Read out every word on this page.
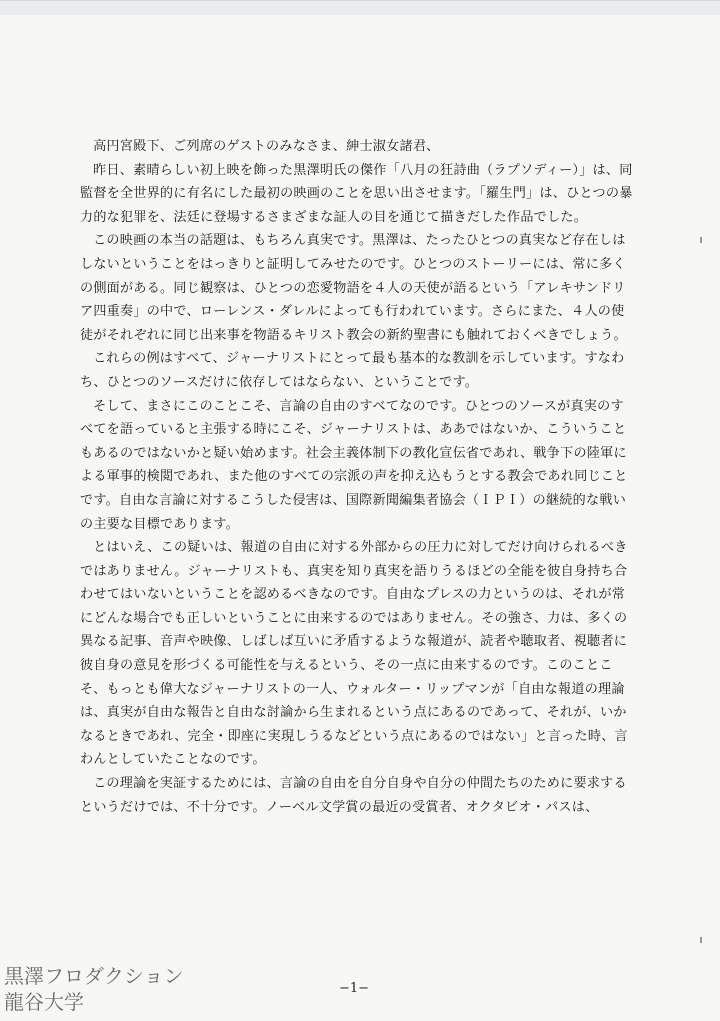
高円宮殿下、ご列席のゲストのみなさま、紳士淑女諸君、

昨日、素晴らしい初上映を飾った黒澤明氏の傑作「八月の狂詩曲（ラプソディー）」は、同監督を全世界的に有名にした最初の映画のことを思い出させます。「羅生門」は、ひとつの暴力的な犯罪を、法廷に登場するさまざまな証人の目を通じて描きだした作品でした。

この映画の本当の話題は、もちろん真実です。黒澤は、たったひとつの真実など存在しはしないということをはっきりと証明してみせたのです。ひとつのストーリーには、常に多くの側面がある。同じ観察は、ひとつの恋愛物語を４人の天使が語るという「アレキサンドリア四重奏」の中で、ローレンス・ダレルによっても行われています。さらにまた、４人の使徒がそれぞれに同じ出来事を物語るキリスト教会の新約聖書にも触れておくべきでしょう。

これらの例はすべて、ジャーナリストにとって最も基本的な教訓を示しています。すなわち、ひとつのソースだけに依存してはならない、ということです。

そして、まさにこのことこそ、言論の自由のすべてなのです。ひとつのソースが真実のすべてを語っていると主張する時にこそ、ジャーナリストは、ああではないか、こういうこともあるのではないかと疑い始めます。社会主義体制下の教化宣伝省であれ、戦争下の陸軍による軍事的検閲であれ、また他のすべての宗派の声を抑え込もうとする教会であれ同じことです。自由な言論に対するこうした侵害は、国際新聞編集者協会（ＩＰＩ）の継続的な戦いの主要な目標であります。

とはいえ、この疑いは、報道の自由に対する外部からの圧力に対してだけ向けられるべきではありません。ジャーナリストも、真実を知り真実を語りうるほどの全能を彼自身持ち合わせてはいないということを認めるべきなのです。自由なプレスの力というのは、それが常にどんな場合でも正しいということに由来するのではありません。その強さ、力は、多くの異なる記事、音声や映像、しばしば互いに矛盾するような報道が、読者や聴取者、視聴者に彼自身の意見を形づくる可能性を与えるという、その一点に由来するのです。このことこそ、もっとも偉大なジャーナリストの一人、ウォルター・リップマンが「自由な報道の理論は、真実が自由な報告と自由な討論から生まれるという点にあるのであって、それが、いかなるときであれ、完全・即座に実現しうるなどという点にあるのではない」と言った時、言わんとしていたことなのです。

この理論を実証するためには、言論の自由を自分自身や自分の仲間たちのために要求するというだけでは、不十分です。ノーベル文学賞の最近の受賞者、オクタビオ・パスは、

−1−
黒澤フロダクション
龍谷大学
